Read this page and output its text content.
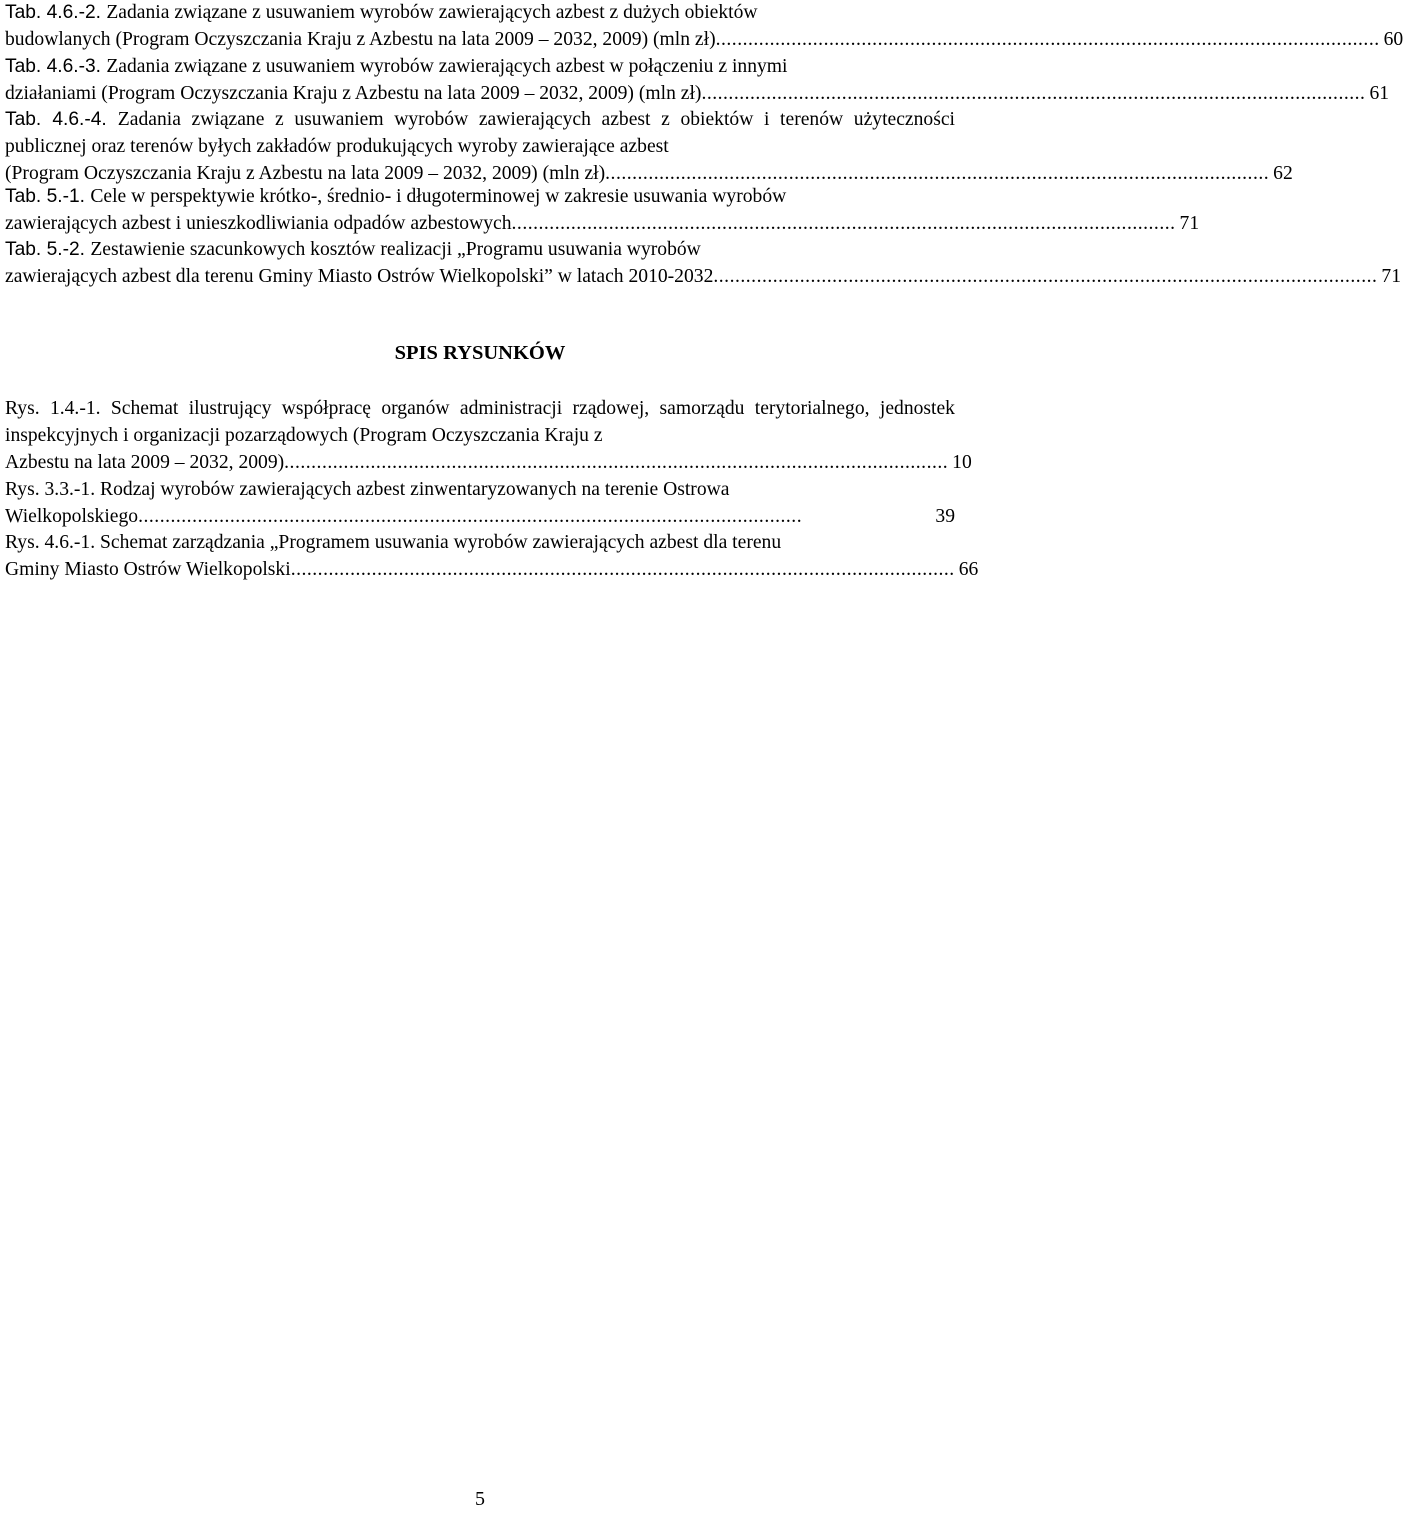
Tab. 4.6.-2. Zadania związane z usuwaniem wyrobów zawierających azbest z dużych obiektów
budowlanych (Program Oczyszczania Kraju z Azbestu na lata 2009 – 2032, 2009) (mln zł) ........................................................................................................................... 60
Tab. 4.6.-3. Zadania związane z usuwaniem wyrobów zawierających azbest w połączeniu z innymi
działaniami (Program Oczyszczania Kraju z Azbestu na lata 2009 – 2032, 2009) (mln zł) ........................................................................................................................... 61
Tab. 4.6.-4. Zadania związane z usuwaniem wyrobów zawierających azbest z obiektów i terenów użyteczności publicznej oraz terenów byłych zakładów produkujących wyroby zawierające azbest
(Program Oczyszczania Kraju z Azbestu na lata 2009 – 2032, 2009) (mln zł) ........................................................................................................................... 62
Tab. 5.-1. Cele w perspektywie krótko-, średnio- i długoterminowej w zakresie usuwania wyrobów
zawierających azbest i unieszkodliwiania odpadów azbestowych ........................................................................................................................... 71
Tab. 5.-2. Zestawienie szacunkowych kosztów realizacji „Programu usuwania wyrobów
zawierających azbest dla terenu Gminy Miasto Ostrów Wielkopolski” w latach 2010-2032 ........................................................................................................................... 71
SPIS RYSUNKÓW
Rys. 1.4.-1. Schemat ilustrujący współpracę organów administracji rządowej, samorządu terytorialnego, jednostek inspekcyjnych i organizacji pozarządowych (Program Oczyszczania Kraju z
Azbestu na lata 2009 – 2032, 2009) ........................................................................................................................... 10
Rys. 3.3.-1. Rodzaj wyrobów zawierających azbest zinwentaryzowanych na terenie Ostrowa
Wielkopolskiego ...........................................................................................................................	39
Rys. 4.6.-1. Schemat zarządzania „Programem usuwania wyrobów zawierających azbest dla terenu
Gminy Miasto Ostrów Wielkopolski ........................................................................................................................... 66
5
